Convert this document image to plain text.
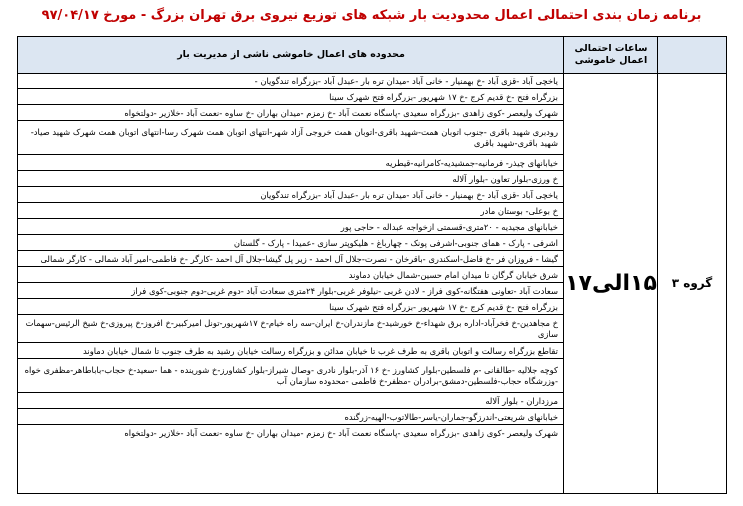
برنامه زمان بندی احتمالی اعمال محدودیت بار شبکه های توزیع نیروی برق تهران بزرگ - مورخ ۹۷/۰۴/۱۷
ساعات احتمالی اعمال خاموشی
محدوده های اعمال خاموشی ناشی از مدیریت بار
گروه ۳
۱۵الی۱۷
یاخچی آباد -قزی آباد -خ بهمنیار - خانی آباد -میدان تره بار -عبدل آباد -بزرگراه تندگویان -
بزرگراه فتح -خ قدیم کرج -خ ۱۷ شهریور -بزرگراه فتح شهرک سینا
شهرک ولیعصر -کوی زاهدی -بزرگراه سعیدی -پاسگاه نعمت آباد -خ زمزم -میدان بهاران -خ ساوه -نعمت آباد -خلازیر -دولتخواه
رودبری شهید باقری -جنوب اتوبان همت-شهید باقری-اتوبان همت خروجی آزاد شهر-انتهای اتوبان همت شهرک رسا-انتهای اتوبان همت شهرک شهید صیاد-شهید باقری-شهید باقری
خیابانهای چیذر- فرمانیه-جمشیدیه-کامرانیه-قیطریه
خ ورزی-بلوار تعاون -بلوار آلاله
یاخچی آباد -قزی آباد -خ بهمنیار - خانی آباد -میدان تره بار -عبدل آباد -بزرگراه تندگویان
خ بوعلی- بوستان مادر
خیابانهای مجیدیه - ۲۰متری-قسمتی ازخواجه عبداله - حاجی پور
اشرفی - پارک - همای جنوبی-اشرفی پونک - چهارباغ - هلیکوپتر سازی -عمیدا - پارک - گلستان
گیشا - فروزان فر -خ فاضل-اسکندری -باقرخان - نصرت-جلال آل احمد - زیر پل گیشا-جلال آل احمد -کارگر -خ فاطمی-امیر آباد شمالی - کارگر شمالی
شرق خیابان گرگان تا میدان امام حسین-شمال خیابان دماوند
سعادت آباد -تعاونی هفتگانه-کوی فراز - لادن غربی -نیلوفر غربی-بلوار ۲۴متری سعادت آباد -دوم غربی-دوم جنوبی-کوی فراز
بزرگراه فتح -خ قدیم کرج -خ ۱۷ شهریور -بزرگراه فتح شهرک سینا
خ مجاهدین-خ فخرآباد-اداره برق شهداء-خ خورشید-خ مازندران-خ ایران-سه راه خیام-خ ۱۷شهریور-تونل امیرکبیر-خ افروز-خ پیروزی-خ شیخ الرئیس-سهمات سازی
تقاطع بزرگراه رسالت و اتوبان باقری به طرف غرب تا خیابان مدائن و بزرگراه رسالت خیابان رشید به طرف جنوب تا شمال خیابان دماوند
کوچه جلالیه -طالقانی -م فلسطین-بلوار کشاورز -خ ۱۶ آذر-بلوار نادری -وصال شیراز-بلوار کشاورز-خ شورینده - هما -سعید-خ حجاب-باباطاهر-مظفری خواه -وزرشگاه حجاب-فلسطین-دمشق-برادران -مظفر-خ فاطمی -محدوده سازمان آب
مرزداران - بلوار آلاله
خیابانهای شریعتی-اندرزگو-جماران-یاسر-طالاتوب-الهیه-زرگنده
شهرک ولیعصر -کوی زاهدی -بزرگراه سعیدی -پاسگاه نعمت آباد -خ زمزم -میدان بهاران -خ ساوه -نعمت آباد -خلازیر -دولتخواه
